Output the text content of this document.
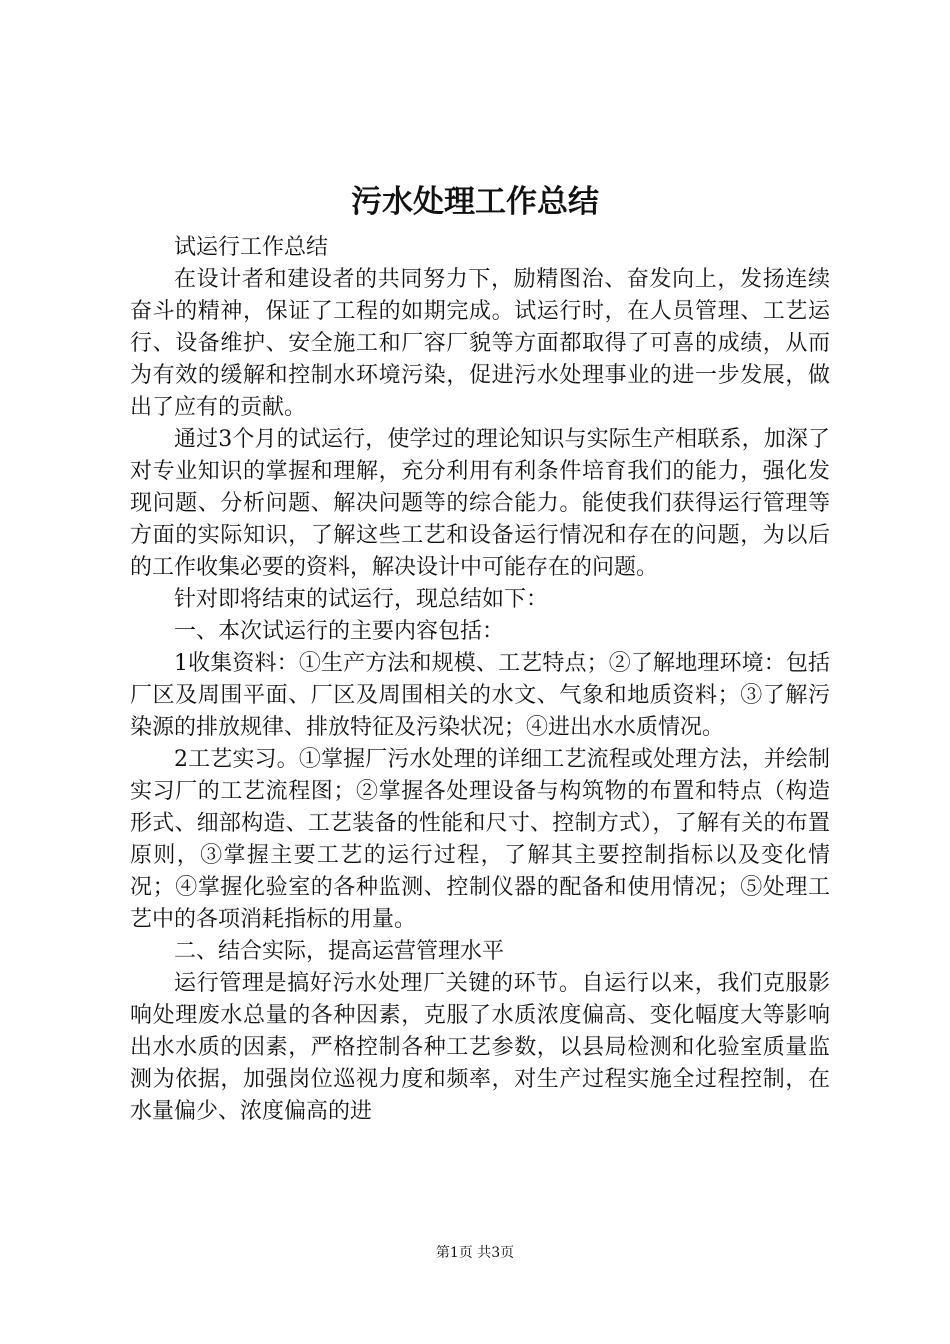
污水处理工作总结

试运行工作总结

在设计者和建设者的共同努力下，励精图治、奋发向上，发扬连续奋斗的精神，保证了工程的如期完成。试运行时，在人员管理、工艺运行、设备维护、安全施工和厂容厂貌等方面都取得了可喜的成绩，从而为有效的缓解和控制水环境污染，促进污水处理事业的进一步发展，做出了应有的贡献。

通过3个月的试运行，使学过的理论知识与实际生产相联系，加深了对专业知识的掌握和理解，充分利用有利条件培育我们的能力，强化发现问题、分析问题、解决问题等的综合能力。能使我们获得运行管理等方面的实际知识，了解这些工艺和设备运行情况和存在的问题，为以后的工作收集必要的资料，解决设计中可能存在的问题。

针对即将结束的试运行，现总结如下：

一、本次试运行的主要内容包括：

1收集资料：①生产方法和规模、工艺特点；②了解地理环境：包括厂区及周围平面、厂区及周围相关的水文、气象和地质资料；③了解污染源的排放规律、排放特征及污染状况；④进出水水质情况。

2工艺实习。①掌握厂污水处理的详细工艺流程或处理方法，并绘制实习厂的工艺流程图；②掌握各处理设备与构筑物的布置和特点（构造形式、细部构造、工艺装备的性能和尺寸、控制方式），了解有关的布置原则，③掌握主要工艺的运行过程，了解其主要控制指标以及变化情况；④掌握化验室的各种监测、控制仪器的配备和使用情况；⑤处理工艺中的各项消耗指标的用量。

二、结合实际，提高运营管理水平

运行管理是搞好污水处理厂关键的环节。自运行以来，我们克服影响处理废水总量的各种因素，克服了水质浓度偏高、变化幅度大等影响出水水质的因素，严格控制各种工艺参数，以县局检测和化验室质量监测为依据，加强岗位巡视力度和频率，对生产过程实施全过程控制，在水量偏少、浓度偏高的进

第1页 共3页
